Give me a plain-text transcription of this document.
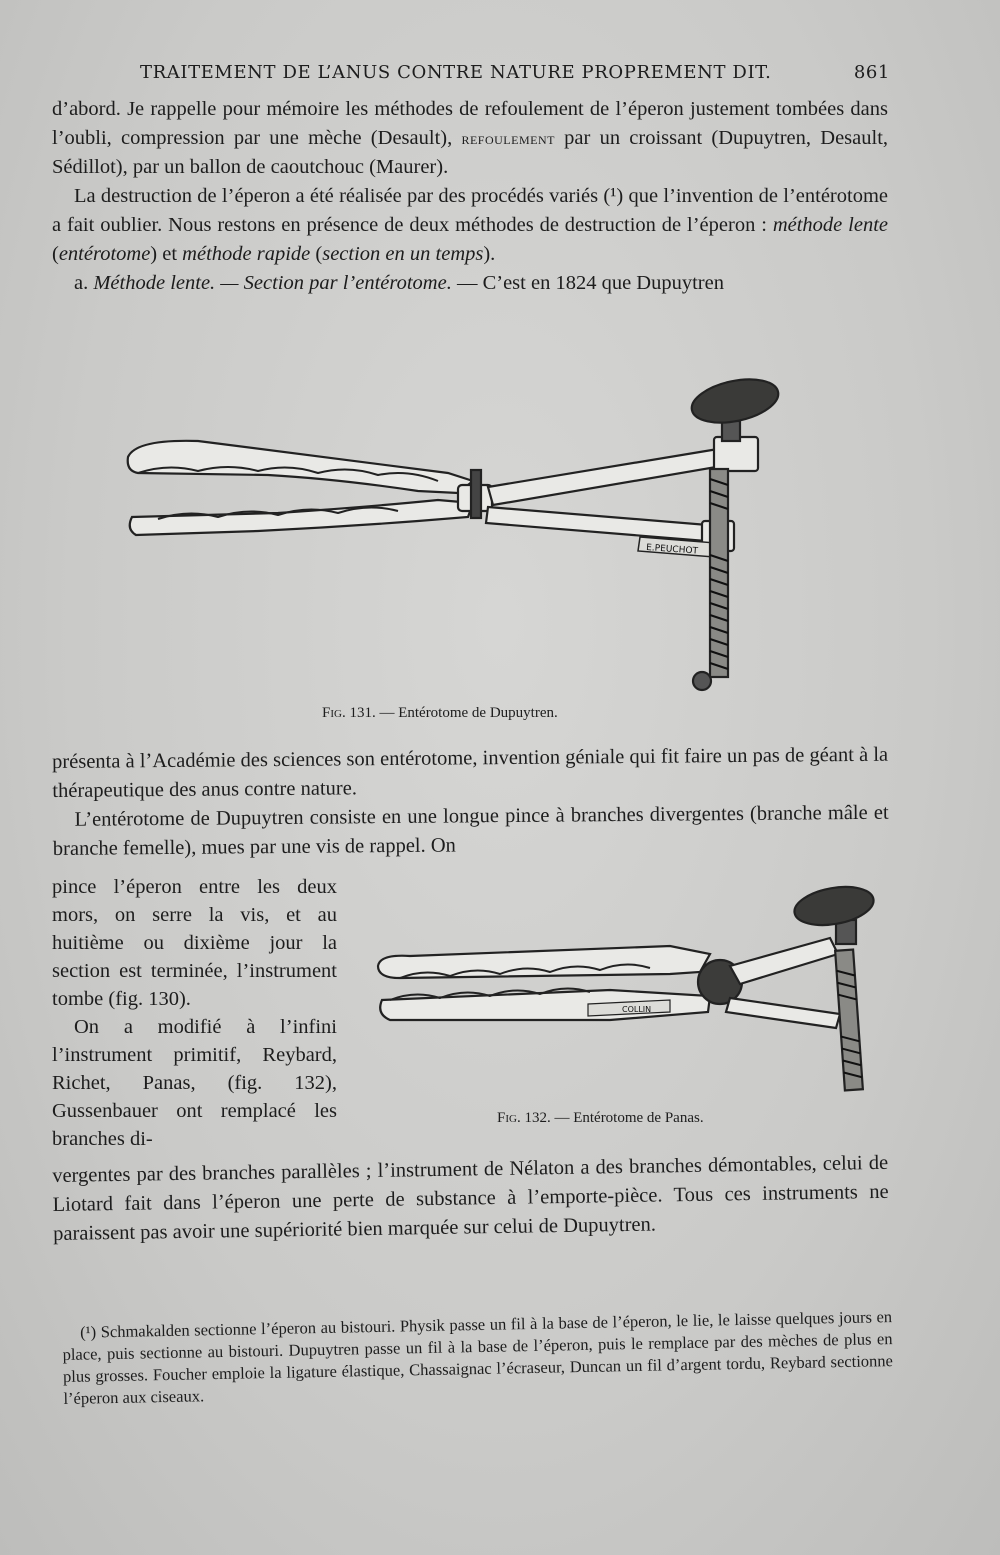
TRAITEMENT DE L’ANUS CONTRE NATURE PROPREMENT DIT.	861

d’abord. Je rappelle pour mémoire les méthodes de refoulement de l’éperon justement tombées dans l’oubli, compression par une mèche (Desault), refoulement par un croissant (Dupuytren, Desault, Sédillot), par un ballon de caoutchouc (Maurer).

La destruction de l’éperon a été réalisée par des procédés variés (¹) que l’invention de l’entérotome a fait oublier. Nous restons en présence de deux méthodes de destruction de l’éperon : méthode lente (entérotome) et méthode rapide (section en un temps).

a. Méthode lente. — Section par l’entérotome. — C’est en 1824 que Dupuytren

E.PEUCHOT
Fig. 131. — Entérotome de Dupuytren.

présenta à l’Académie des sciences son entérotome, invention géniale qui fit faire un pas de géant à la thérapeutique des anus contre nature.

L’entérotome de Dupuytren consiste en une longue pince à branches divergentes (branche mâle et branche femelle), mues par une vis de rappel. On

pince l’éperon entre les deux mors, on serre la vis, et au huitième ou dixième jour la section est terminée, l’instrument tombe (fig. 130).

On a modifié à l’infini l’instrument primitif, Reybard, Richet, Panas, (fig. 132), Gussenbauer ont remplacé les branches di-

COLLIN
Fig. 132. — Entérotome de Panas.

vergentes par des branches parallèles ; l’instrument de Nélaton a des branches démontables, celui de Liotard fait dans l’éperon une perte de substance à l’emporte-pièce. Tous ces instruments ne paraissent pas avoir une supériorité bien marquée sur celui de Dupuytren.

(¹) Schmakalden sectionne l’éperon au bistouri. Physik passe un fil à la base de l’éperon, le lie, le laisse quelques jours en place, puis sectionne au bistouri. Dupuytren passe un fil à la base de l’éperon, puis le remplace par des mèches de plus en plus grosses. Foucher emploie la ligature élastique, Chassaignac l’écraseur, Duncan un fil d’argent tordu, Reybard sectionne l’éperon aux ciseaux.
